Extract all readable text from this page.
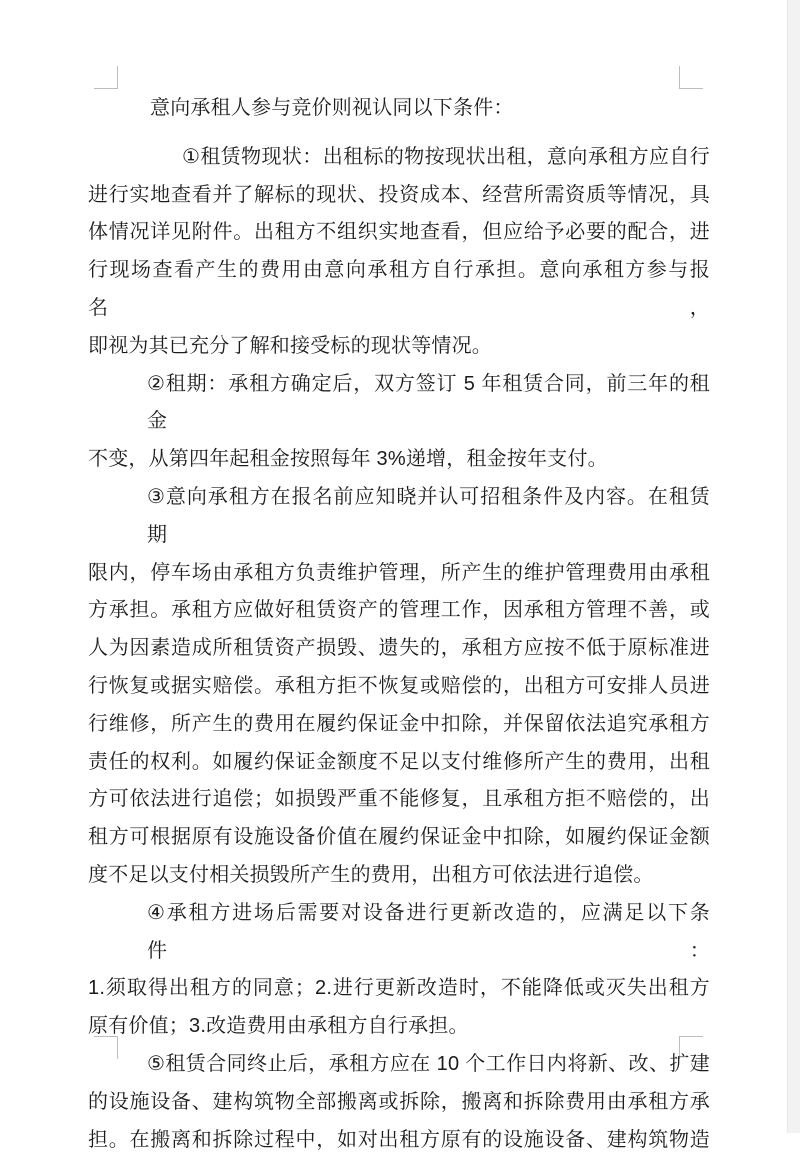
意向承租人参与竞价则视认同以下条件：
①租赁物现状：出租标的物按现状出租，意向承租方应自行
进行实地查看并了解标的现状、投资成本、经营所需资质等情况，具
体情况详见附件。出租方不组织实地查看，但应给予必要的配合，进
行现场查看产生的费用由意向承租方自行承担。意向承租方参与报名，
即视为其已充分了解和接受标的现状等情况。
②租期：承租方确定后，双方签订 5 年租赁合同，前三年的租金
不变，从第四年起租金按照每年 3%递增，租金按年支付。
③意向承租方在报名前应知晓并认可招租条件及内容。在租赁期
限内，停车场由承租方负责维护管理，所产生的维护管理费用由承租
方承担。承租方应做好租赁资产的管理工作，因承租方管理不善，或
人为因素造成所租赁资产损毁、遗失的，承租方应按不低于原标准进
行恢复或据实赔偿。承租方拒不恢复或赔偿的，出租方可安排人员进
行维修，所产生的费用在履约保证金中扣除，并保留依法追究承租方
责任的权利。如履约保证金额度不足以支付维修所产生的费用，出租
方可依法进行追偿；如损毁严重不能修复，且承租方拒不赔偿的，出
租方可根据原有设施设备价值在履约保证金中扣除，如履约保证金额
度不足以支付相关损毁所产生的费用，出租方可依法进行追偿。
④承租方进场后需要对设备进行更新改造的，应满足以下条件：
1.须取得出租方的同意；2.进行更新改造时，不能降低或灭失出租方
原有价值；3.改造费用由承租方自行承担。
⑤租赁合同终止后，承租方应在 10 个工作日内将新、改、扩建
的设施设备、建构筑物全部搬离或拆除，搬离和拆除费用由承租方承
担。在搬离和拆除过程中，如对出租方原有的设施设备、建构筑物造
